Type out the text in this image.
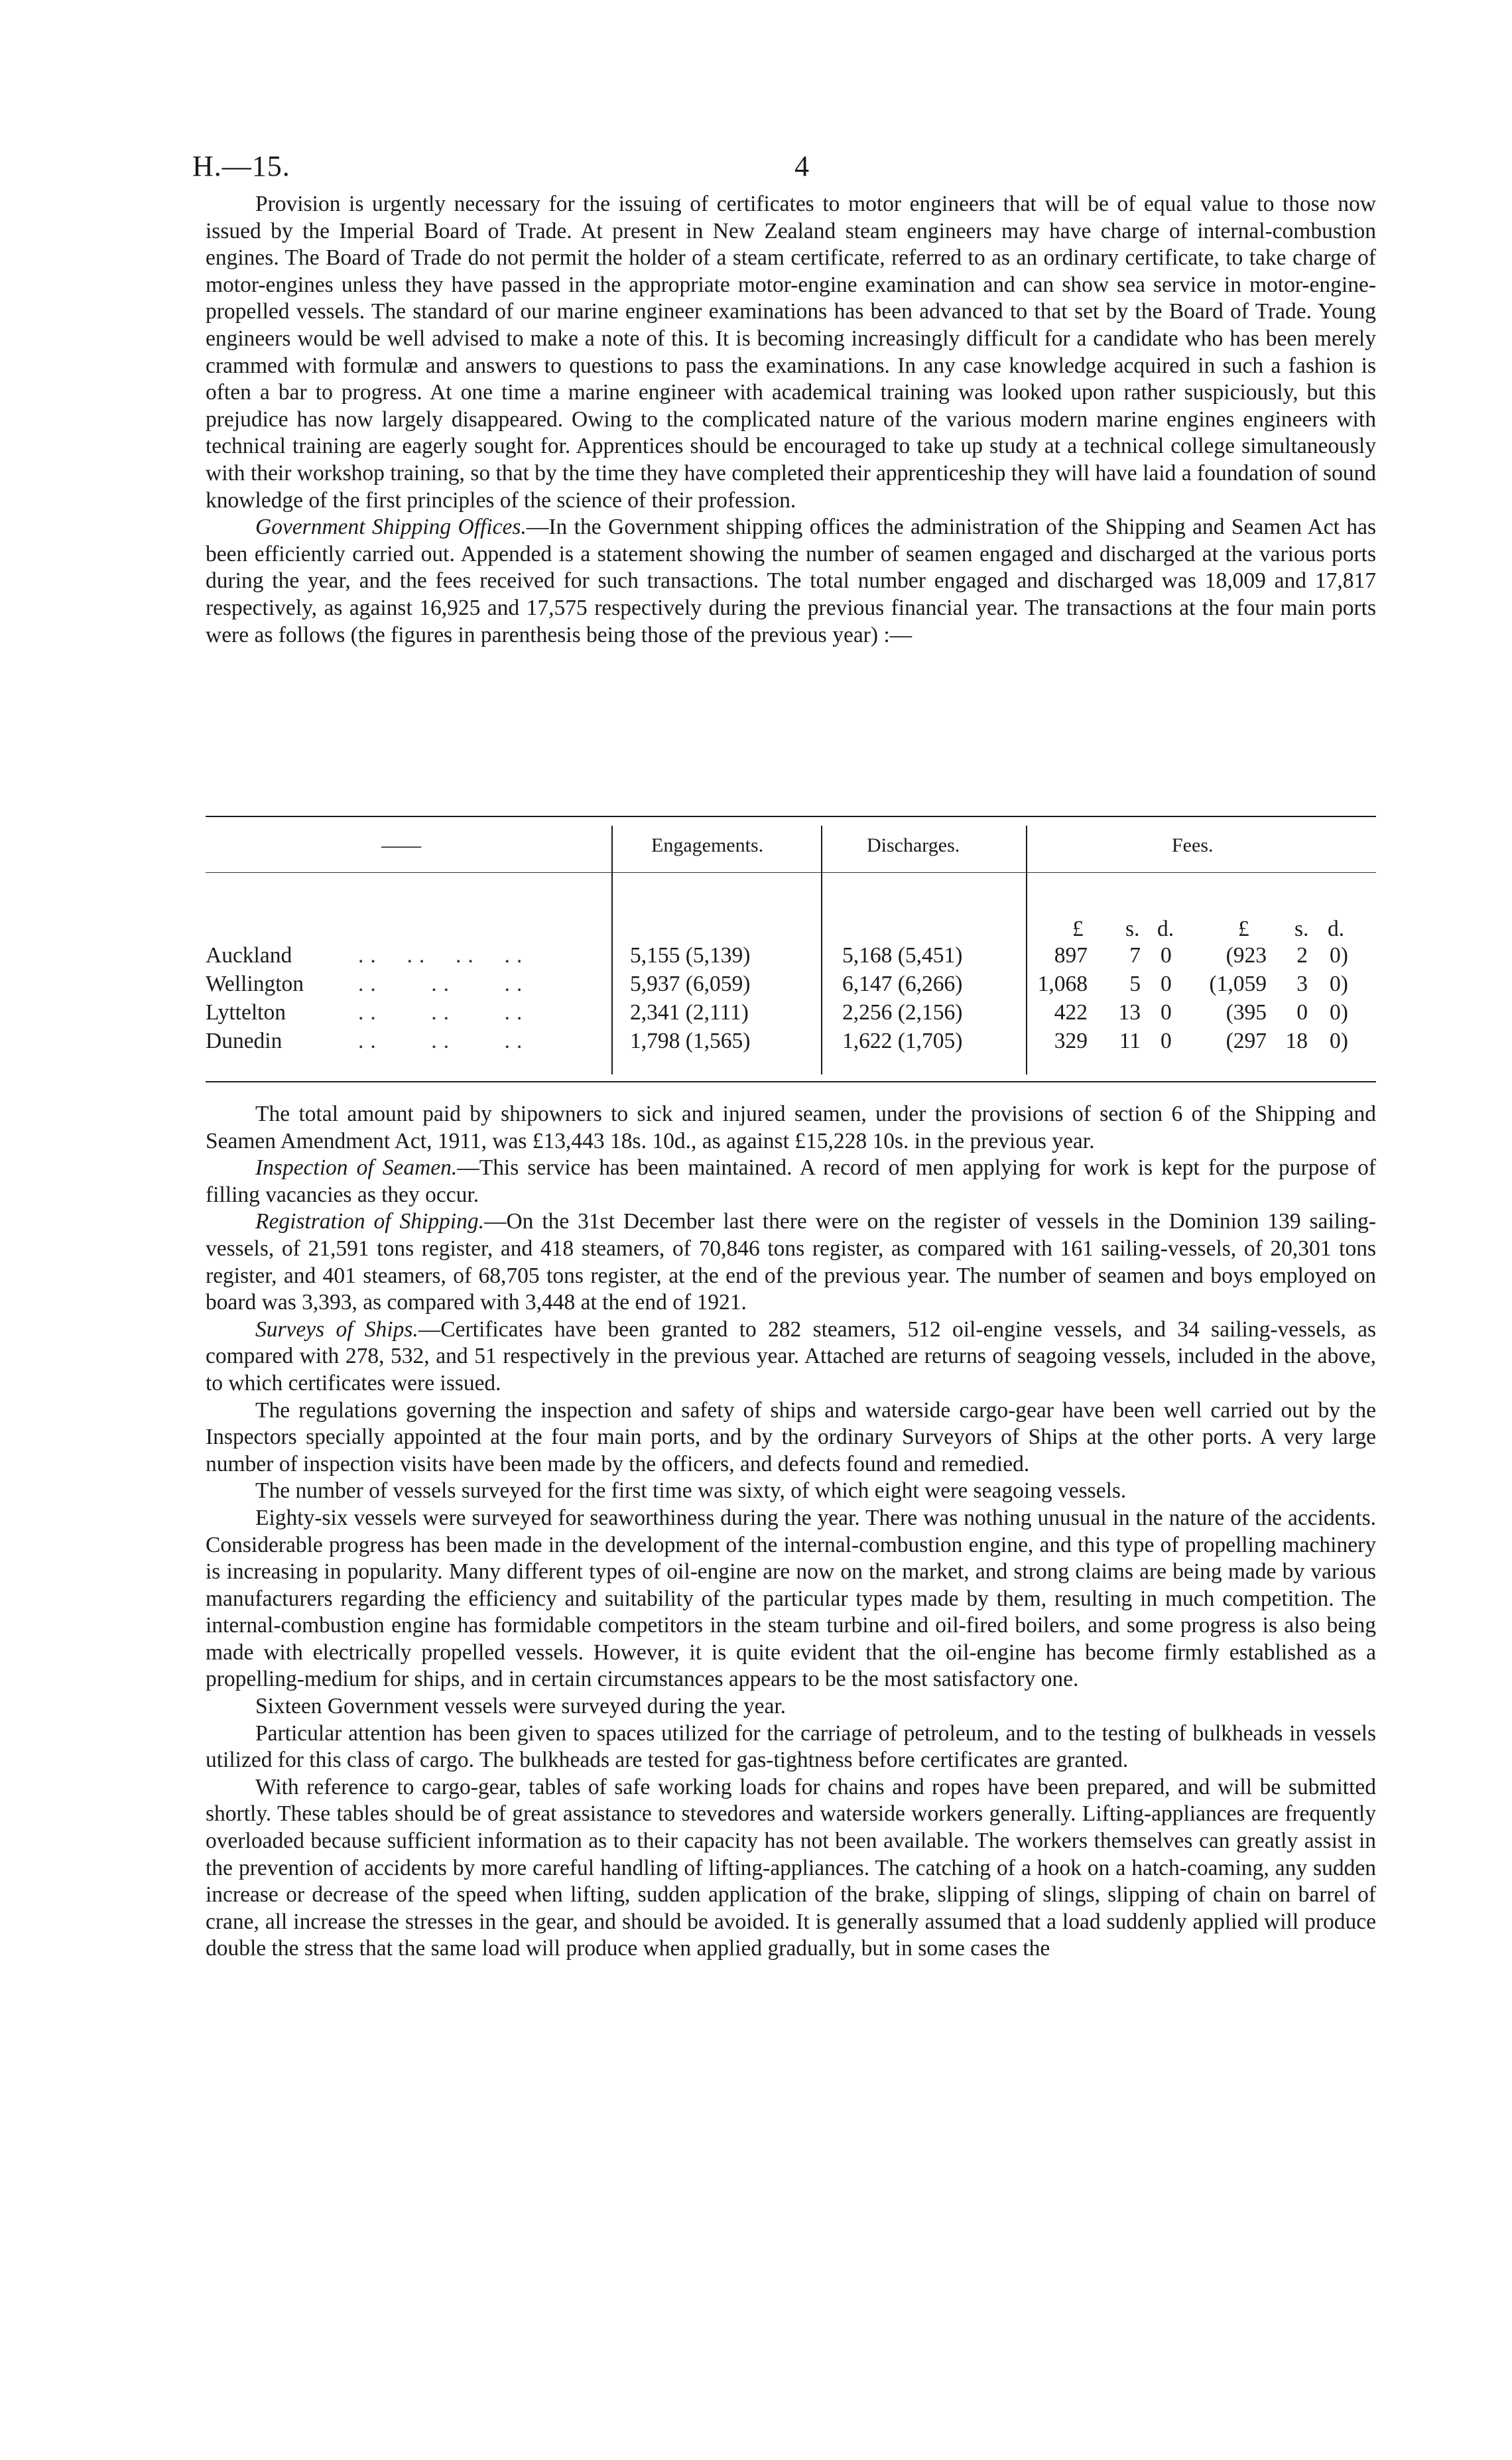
H.—15.	4

Provision is urgently necessary for the issuing of certificates to motor engineers that will be of equal value to those now issued by the Imperial Board of Trade. At present in New Zealand steam engineers may have charge of internal-combustion engines. The Board of Trade do not permit the holder of a steam certificate, referred to as an ordinary certificate, to take charge of motor-engines unless they have passed in the appropriate motor-engine examination and can show sea service in motor-engine-propelled vessels. The standard of our marine engineer examinations has been advanced to that set by the Board of Trade. Young engineers would be well advised to make a note of this. It is becoming increasingly difficult for a candidate who has been merely crammed with formulæ and answers to questions to pass the examinations. In any case knowledge acquired in such a fashion is often a bar to progress. At one time a marine engineer with academical training was looked upon rather suspiciously, but this prejudice has now largely disappeared. Owing to the complicated nature of the various modern marine engines engineers with technical training are eagerly sought for. Apprentices should be encouraged to take up study at a technical college simultaneously with their workshop training, so that by the time they have completed their apprenticeship they will have laid a foundation of sound knowledge of the first principles of the science of their profession.

Government Shipping Offices.—In the Government shipping offices the administration of the Shipping and Seamen Act has been efficiently carried out. Appended is a statement showing the number of seamen engaged and discharged at the various ports during the year, and the fees received for such transactions. The total number engaged and discharged was 18,009 and 17,817 respectively, as against 16,925 and 17,575 respectively during the previous financial year. The transactions at the four main ports were as follows (the figures in parenthesis being those of the previous year) :—

——	Engagements.	Discharges.	Fees.
£ s. d.	£ s. d.
Auckland	..  ..  ..  ..	5,155 (5,139)	5,168 (5,451)	897	7 0	(923	2 0)
Wellington ..    ..    ..	5,937 (6,059)	6,147 (6,266)	1,068	5 0	(1,059	3 0)
Lyttelton	..    ..    ..	2,341 (2,111)	2,256 (2,156)	422	13 0	(395	0 0)
Dunedin	..    ..    ..	1,798 (1,565)	1,622 (1,705)	329	11 0	(297 18 0)

The total amount paid by shipowners to sick and injured seamen, under the provisions of section 6 of the Shipping and Seamen Amendment Act, 1911, was £13,443 18s. 10d., as against £15,228 10s. in the previous year.

Inspection of Seamen.—This service has been maintained. A record of men applying for work is kept for the purpose of filling vacancies as they occur.

Registration of Shipping.—On the 31st December last there were on the register of vessels in the Dominion 139 sailing-vessels, of 21,591 tons register, and 418 steamers, of 70,846 tons register, as compared with 161 sailing-vessels, of 20,301 tons register, and 401 steamers, of 68,705 tons register, at the end of the previous year. The number of seamen and boys employed on board was 3,393, as compared with 3,448 at the end of 1921.

Surveys of Ships.—Certificates have been granted to 282 steamers, 512 oil-engine vessels, and 34 sailing-vessels, as compared with 278, 532, and 51 respectively in the previous year. Attached are returns of seagoing vessels, included in the above, to which certificates were issued.

The regulations governing the inspection and safety of ships and waterside cargo-gear have been well carried out by the Inspectors specially appointed at the four main ports, and by the ordinary Surveyors of Ships at the other ports. A very large number of inspection visits have been made by the officers, and defects found and remedied.

The number of vessels surveyed for the first time was sixty, of which eight were seagoing vessels.

Eighty-six vessels were surveyed for seaworthiness during the year. There was nothing unusual in the nature of the accidents. Considerable progress has been made in the development of the internal-combustion engine, and this type of propelling machinery is increasing in popularity. Many different types of oil-engine are now on the market, and strong claims are being made by various manufacturers regarding the efficiency and suitability of the particular types made by them, resulting in much competition. The internal-combustion engine has formidable competitors in the steam turbine and oil-fired boilers, and some progress is also being made with electrically propelled vessels. However, it is quite evident that the oil-engine has become firmly established as a propelling-medium for ships, and in certain circumstances appears to be the most satisfactory one.

Sixteen Government vessels were surveyed during the year.

Particular attention has been given to spaces utilized for the carriage of petroleum, and to the testing of bulkheads in vessels utilized for this class of cargo. The bulkheads are tested for gas-tightness before certificates are granted.

With reference to cargo-gear, tables of safe working loads for chains and ropes have been prepared, and will be submitted shortly. These tables should be of great assistance to stevedores and waterside workers generally. Lifting-appliances are frequently overloaded because sufficient information as to their capacity has not been available. The workers themselves can greatly assist in the prevention of accidents by more careful handling of lifting-appliances. The catching of a hook on a hatch-coaming, any sudden increase or decrease of the speed when lifting, sudden application of the brake, slipping of slings, slipping of chain on barrel of crane, all increase the stresses in the gear, and should be avoided. It is generally assumed that a load suddenly applied will produce double the stress that the same load will produce when applied gradually, but in some cases the
